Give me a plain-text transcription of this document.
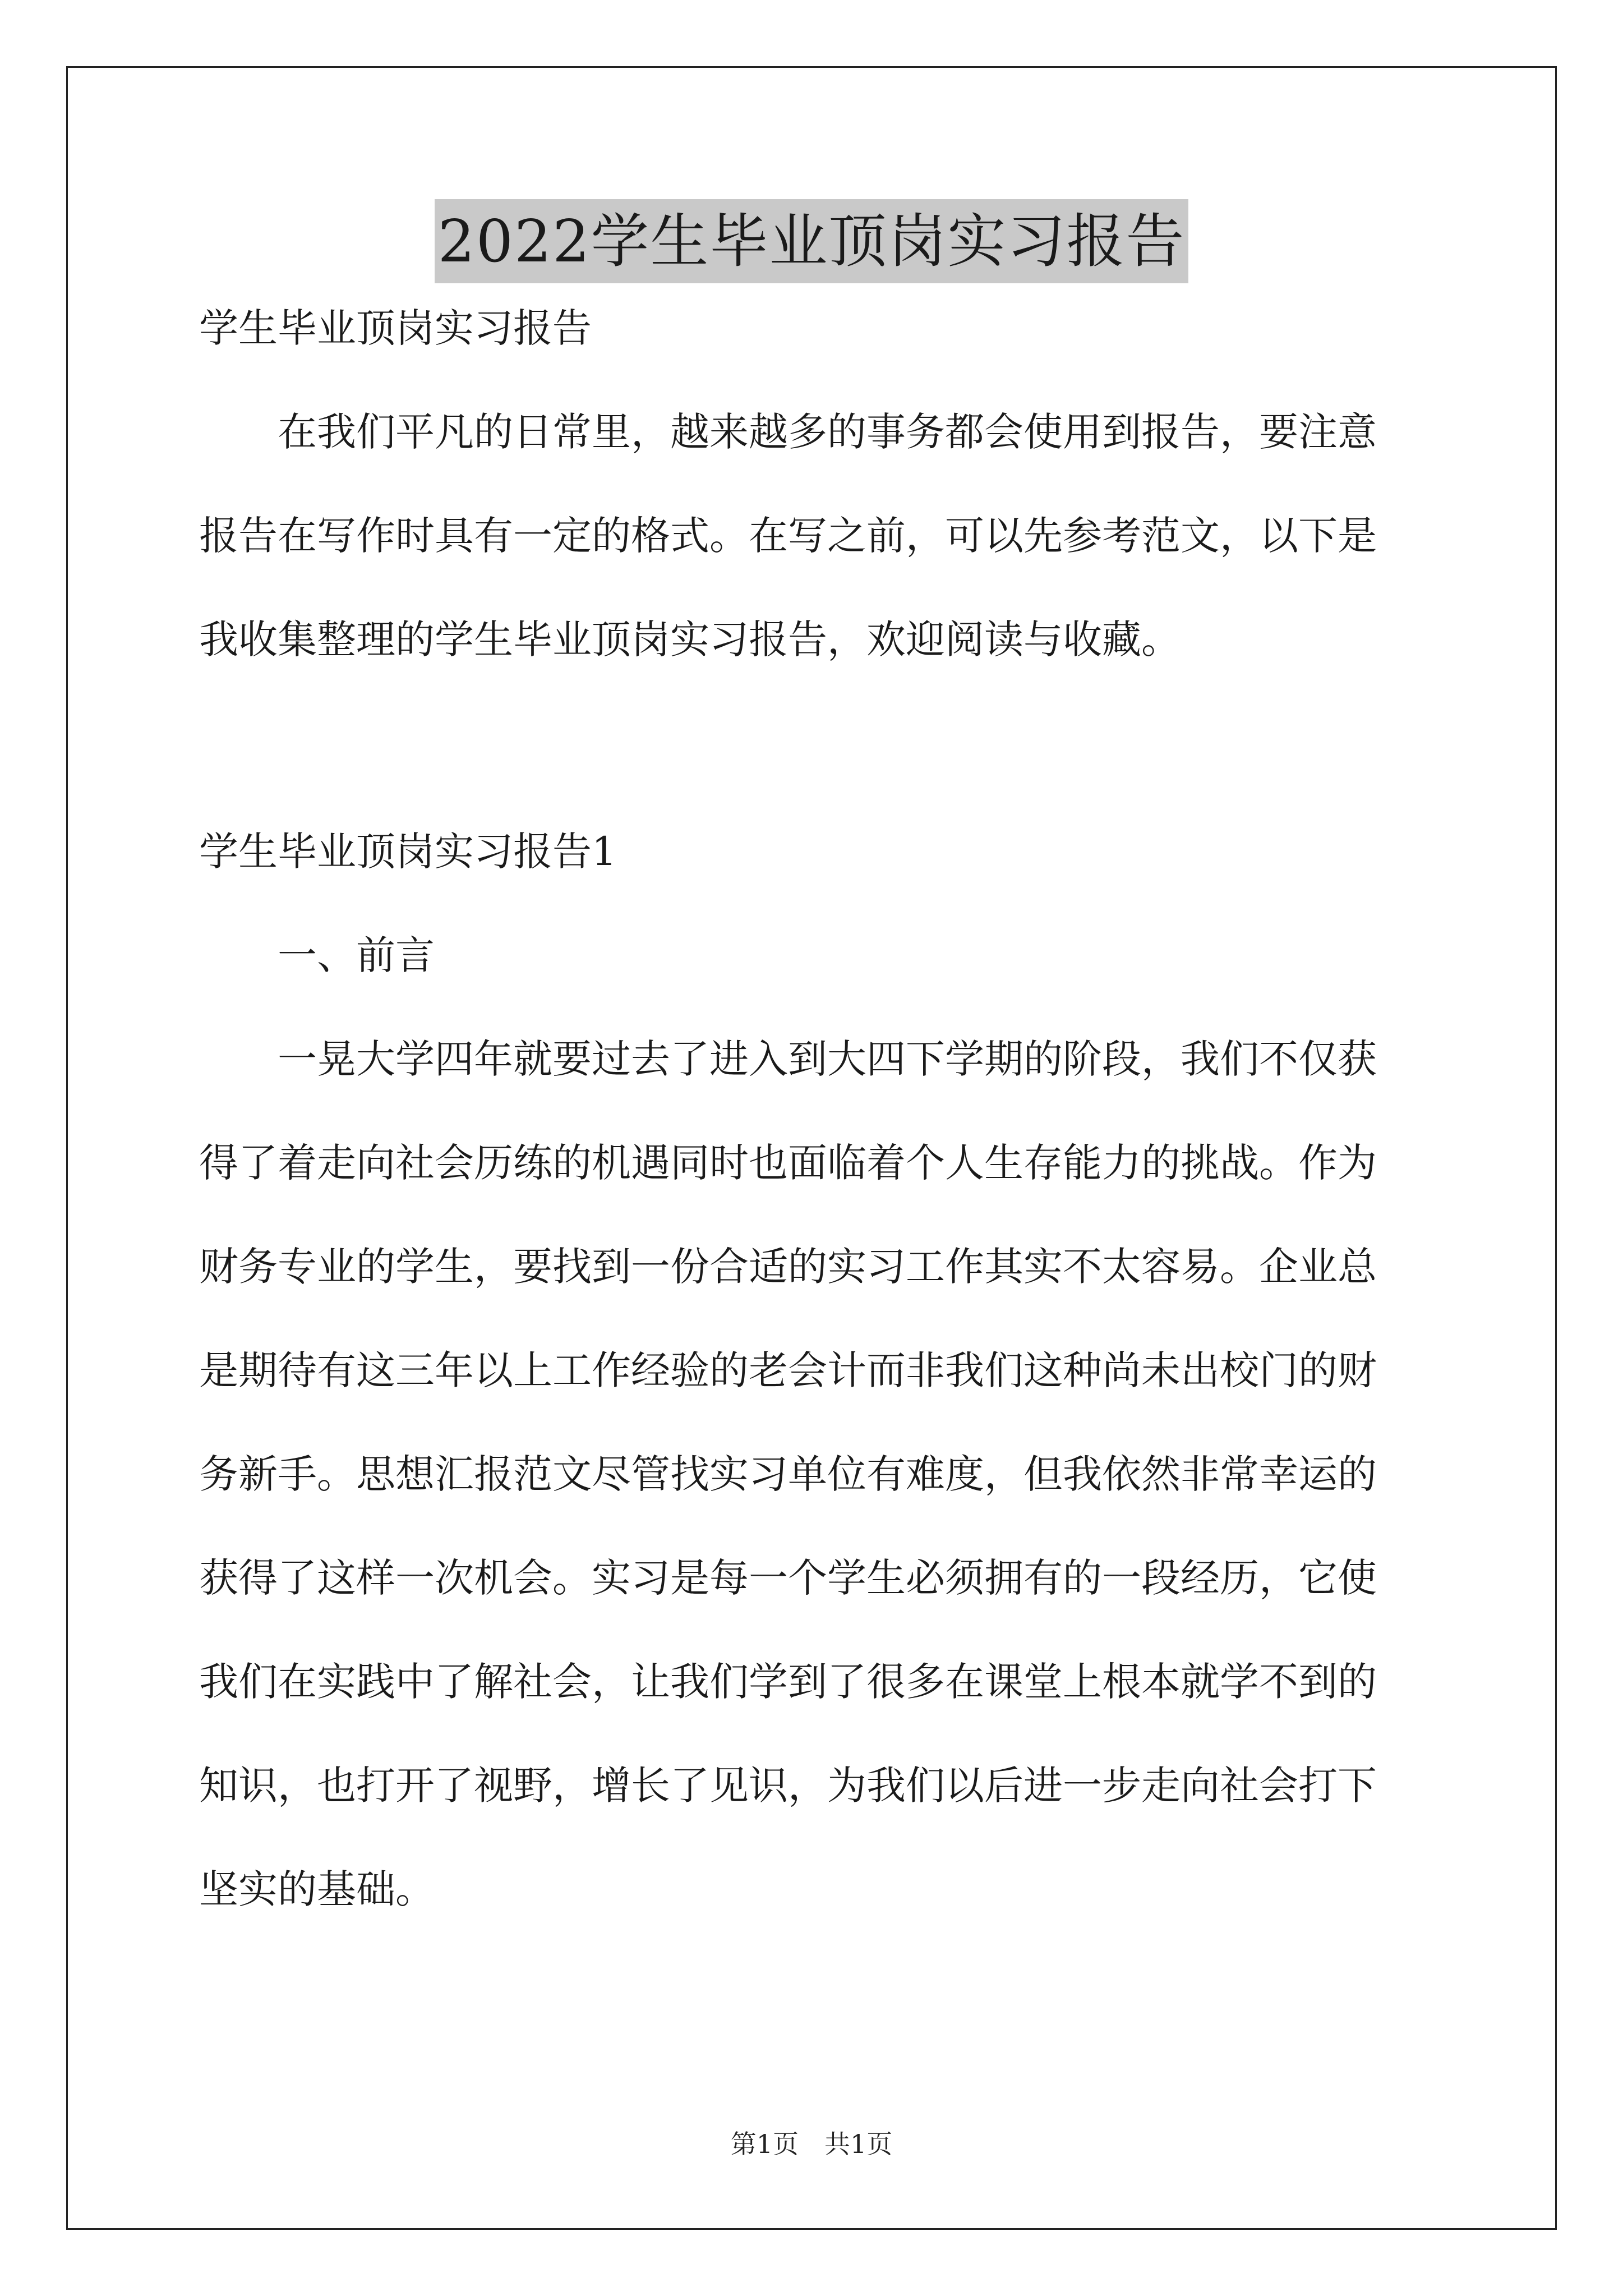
2022学生毕业顶岗实习报告
学生毕业顶岗实习报告
　　在我们平凡的日常里，越来越多的事务都会使用到报告，要注意
报告在写作时具有一定的格式。在写之前，可以先参考范文，以下是
我收集整理的学生毕业顶岗实习报告，欢迎阅读与收藏。
学生毕业顶岗实习报告1
　　一、前言
　　一晃大学四年就要过去了进入到大四下学期的阶段，我们不仅获
得了着走向社会历练的机遇同时也面临着个人生存能力的挑战。作为
财务专业的学生，要找到一份合适的实习工作其实不太容易。企业总
是期待有这三年以上工作经验的老会计而非我们这种尚未出校门的财
务新手。思想汇报范文尽管找实习单位有难度，但我依然非常幸运的
获得了这样一次机会。实习是每一个学生必须拥有的一段经历，它使
我们在实践中了解社会，让我们学到了很多在课堂上根本就学不到的
知识，也打开了视野，增长了见识，为我们以后进一步走向社会打下
坚实的基础。
第1页　共1页
